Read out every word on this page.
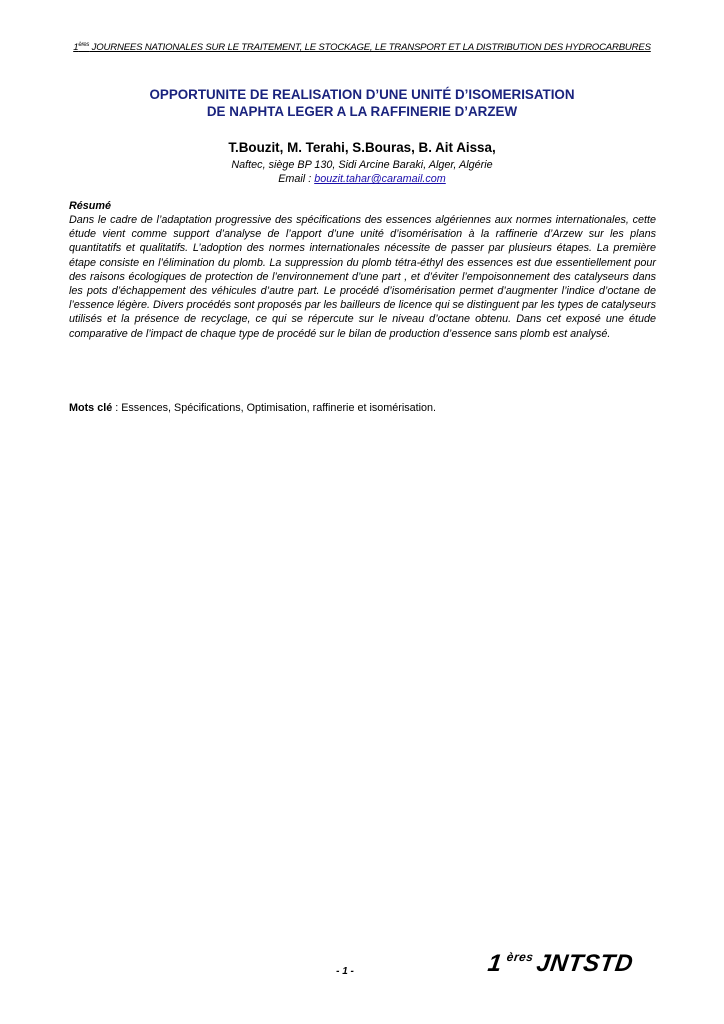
1ères JOURNEES NATIONALES SUR LE TRAITEMENT, LE STOCKAGE, LE TRANSPORT ET LA DISTRIBUTION DES HYDROCARBURES
OPPORTUNITE DE REALISATION D’UNE UNITÉ D’ISOMERISATION
DE NAPHTA LEGER A LA RAFFINERIE D’ARZEW
T.Bouzit, M. Terahi, S.Bouras, B. Ait Aissa,
Naftec, siège BP 130, Sidi Arcine Baraki, Alger, Algérie
Email : bouzit.tahar@caramail.com
Résumé
Dans le cadre de l’adaptation progressive des spécifications des essences algériennes aux normes internationales, cette étude vient comme support d’analyse de l’apport d’une unité d’isomérisation à la raffinerie d’Arzew sur les plans quantitatifs et qualitatifs. L’adoption des normes internationales nécessite de passer par plusieurs étapes. La première étape consiste en l’élimination du plomb. La suppression du plomb tétra-éthyl des essences est due essentiellement pour des raisons écologiques de protection de l’environnement d’une part , et d’éviter l’empoisonnement des catalyseurs dans les pots d’échappement des véhicules d’autre part. Le procédé d’isomérisation permet d’augmenter l’indice d’octane de l’essence légère. Divers procédés sont proposés par les bailleurs de licence qui se distinguent par les types de catalyseurs utilisés et la présence de recyclage, ce qui se répercute sur le niveau d’octane obtenu. Dans cet exposé une étude comparative de l’impact de chaque type de procédé sur le bilan de production d’essence sans plomb est analysé.
Mots clé : Essences, Spécifications, Optimisation, raffinerie et isomérisation.
- 1 -	1 $^{ères}$JNTSTD
